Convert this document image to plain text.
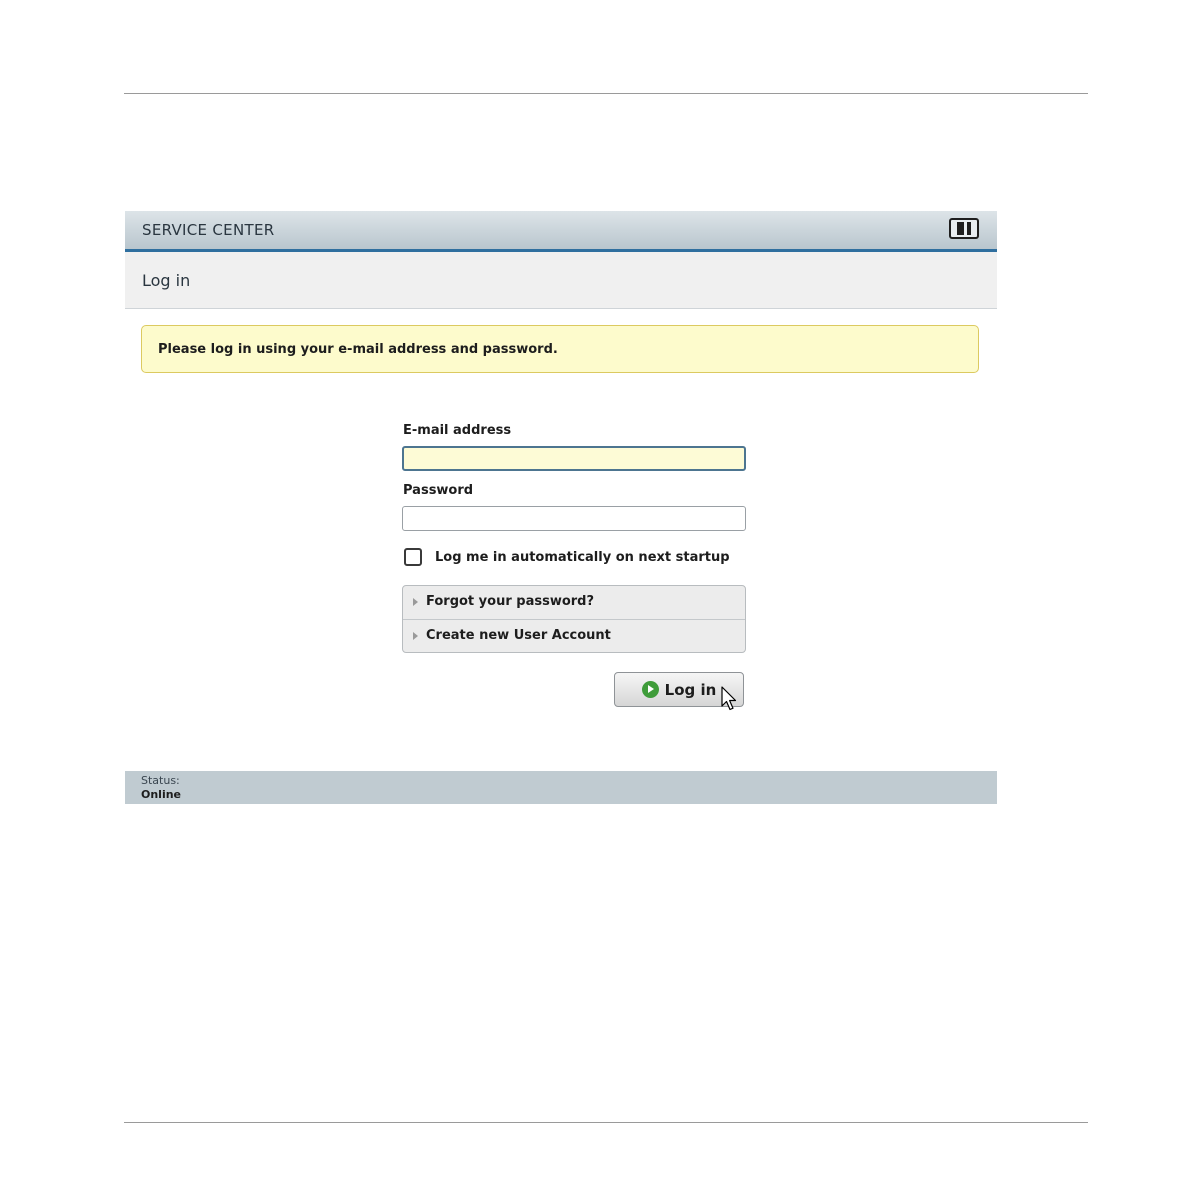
SERVICE CENTER
Log in
Please log in using your e-mail address and password.
E-mail address
Password
Log me in automatically on next startup
Forgot your password?
Create new User Account
Log in
Status:
Online
